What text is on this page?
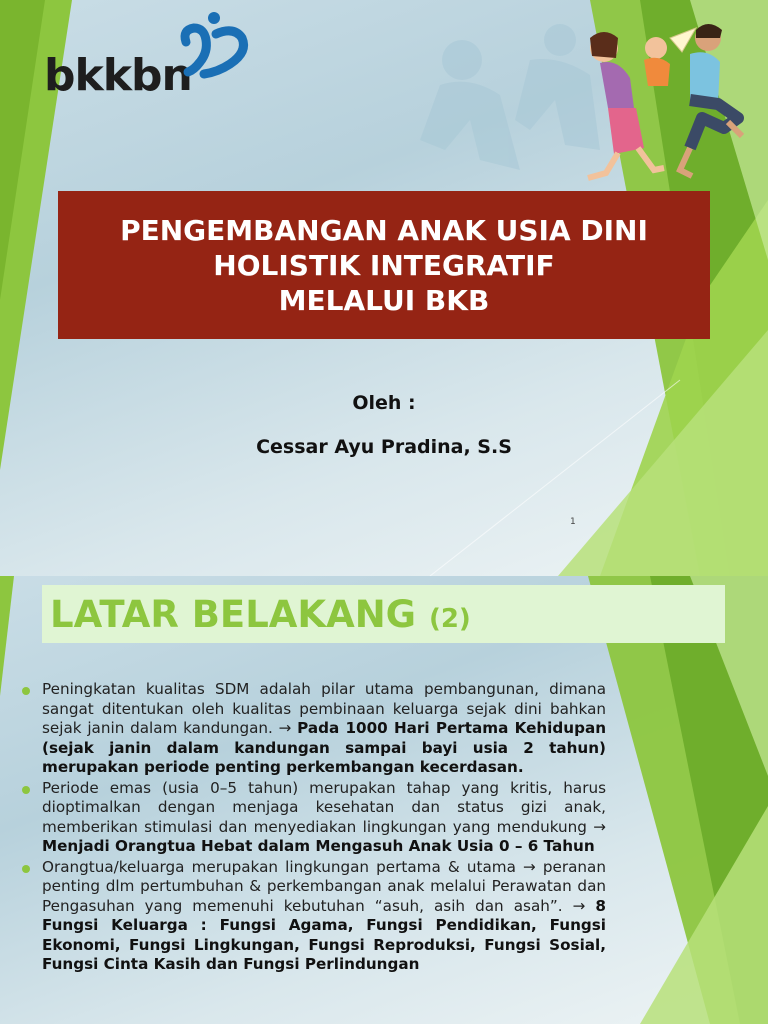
bkkbn
PENGEMBANGAN ANAK USIA DINI
HOLISTIK INTEGRATIF
MELALUI BKB
Oleh :
Cessar Ayu Pradina, S.S
1
LATAR BELAKANG (2)
Peningkatan kualitas SDM adalah pilar utama pembangunan, dimana sangat ditentukan oleh kualitas pembinaan keluarga sejak dini bahkan sejak janin dalam kandungan. → Pada 1000 Hari Pertama Kehidupan (sejak janin dalam kandungan sampai bayi usia 2 tahun) merupakan periode penting perkembangan kecerdasan.
Periode emas (usia 0–5 tahun) merupakan tahap yang kritis, harus dioptimalkan dengan menjaga kesehatan dan status gizi anak, memberikan stimulasi dan menyediakan lingkungan yang mendukung → Menjadi Orangtua Hebat dalam Mengasuh Anak Usia 0 – 6 Tahun
Orangtua/keluarga merupakan lingkungan pertama & utama → peranan penting dlm pertumbuhan & perkembangan anak melalui Perawatan dan Pengasuhan yang memenuhi kebutuhan “asuh, asih dan asah”. → 8 Fungsi Keluarga : Fungsi Agama, Fungsi Pendidikan, Fungsi Ekonomi, Fungsi Lingkungan, Fungsi Reproduksi, Fungsi Sosial, Fungsi Cinta Kasih dan Fungsi Perlindungan
